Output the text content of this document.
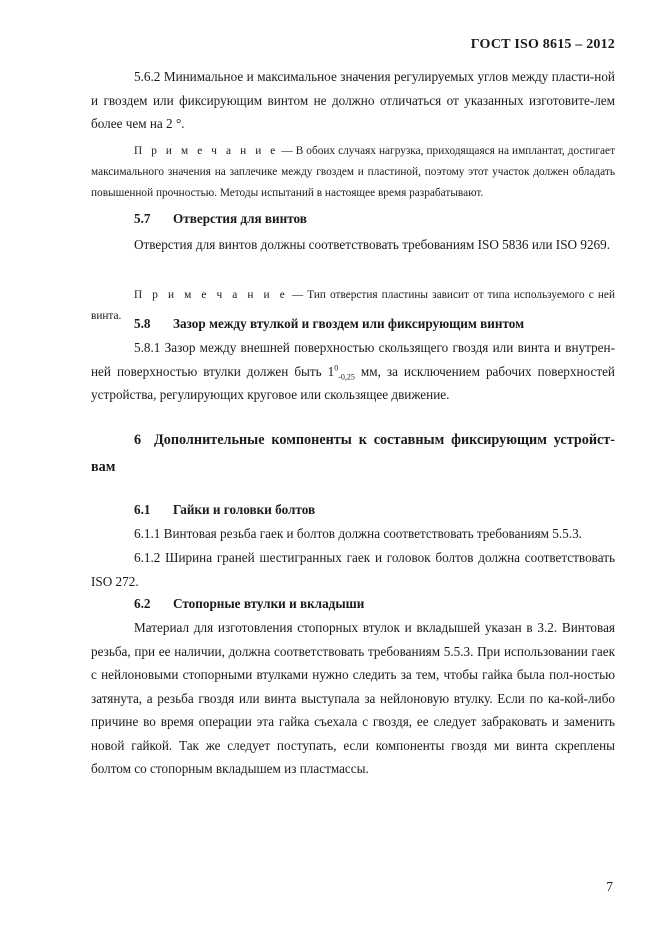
ГОСТ ISO 8615 – 2012

5.6.2 Минимальное и максимальное значения регулируемых углов между пласти-ной и гвоздем или фиксирующим винтом не должно отличаться от указанных изготовите-лем более чем на 2 °.

П р и м е ч а н и е — В обоих случаях нагрузка, приходящаяся на имплантат, достигает максимального значения на заплечике между гвоздем и пластиной, поэтому этот участок должен обладать повышенной прочностью. Методы испытаний в настоящее время разрабатывают.

5.7 Отверстия для винтов

Отверстия для винтов должны соответствовать требованиям ISO 5836 или ISO 9269.

П р и м е ч а н и е — Тип отверстия пластины зависит от типа используемого с ней винта. 5.8 Зазор между втулкой и гвоздем или фиксирующим винтом

5.8.1 Зазор между внешней поверхностью скользящего гвоздя или винта и внутрен-ней поверхностью втулки должен быть $1^0_{-0,25}$ мм, за исключением рабочих поверхностей устройства, регулирующих круговое или скользящее движение.

6 Дополнительные компоненты к составным фиксирующим устройст-вам
6.1 Гайки и головки болтов

6.1.1 Винтовая резьба гаек и болтов должна соответствовать требованиям 5.5.3.

6.1.2 Ширина граней шестигранных гаек и головок болтов должна соответствовать ISO 272.

6.2 Стопорные втулки и вкладыши

Материал для изготовления стопорных втулок и вкладышей указан в 3.2. Винтовая резьба, при ее наличии, должна соответствовать требованиям 5.5.3. При использовании гаек с нейлоновыми стопорными втулками нужно следить за тем, чтобы гайка была пол-ностью затянута, а резьба гвоздя или винта выступала за нейлоновую втулку. Если по ка-кой-либо причине во время операции эта гайка съехала с гвоздя, ее следует забраковать и заменить новой гайкой. Так же следует поступать, если компоненты гвоздя ми винта скреплены болтом со стопорным вкладышем из пластмассы.

7
